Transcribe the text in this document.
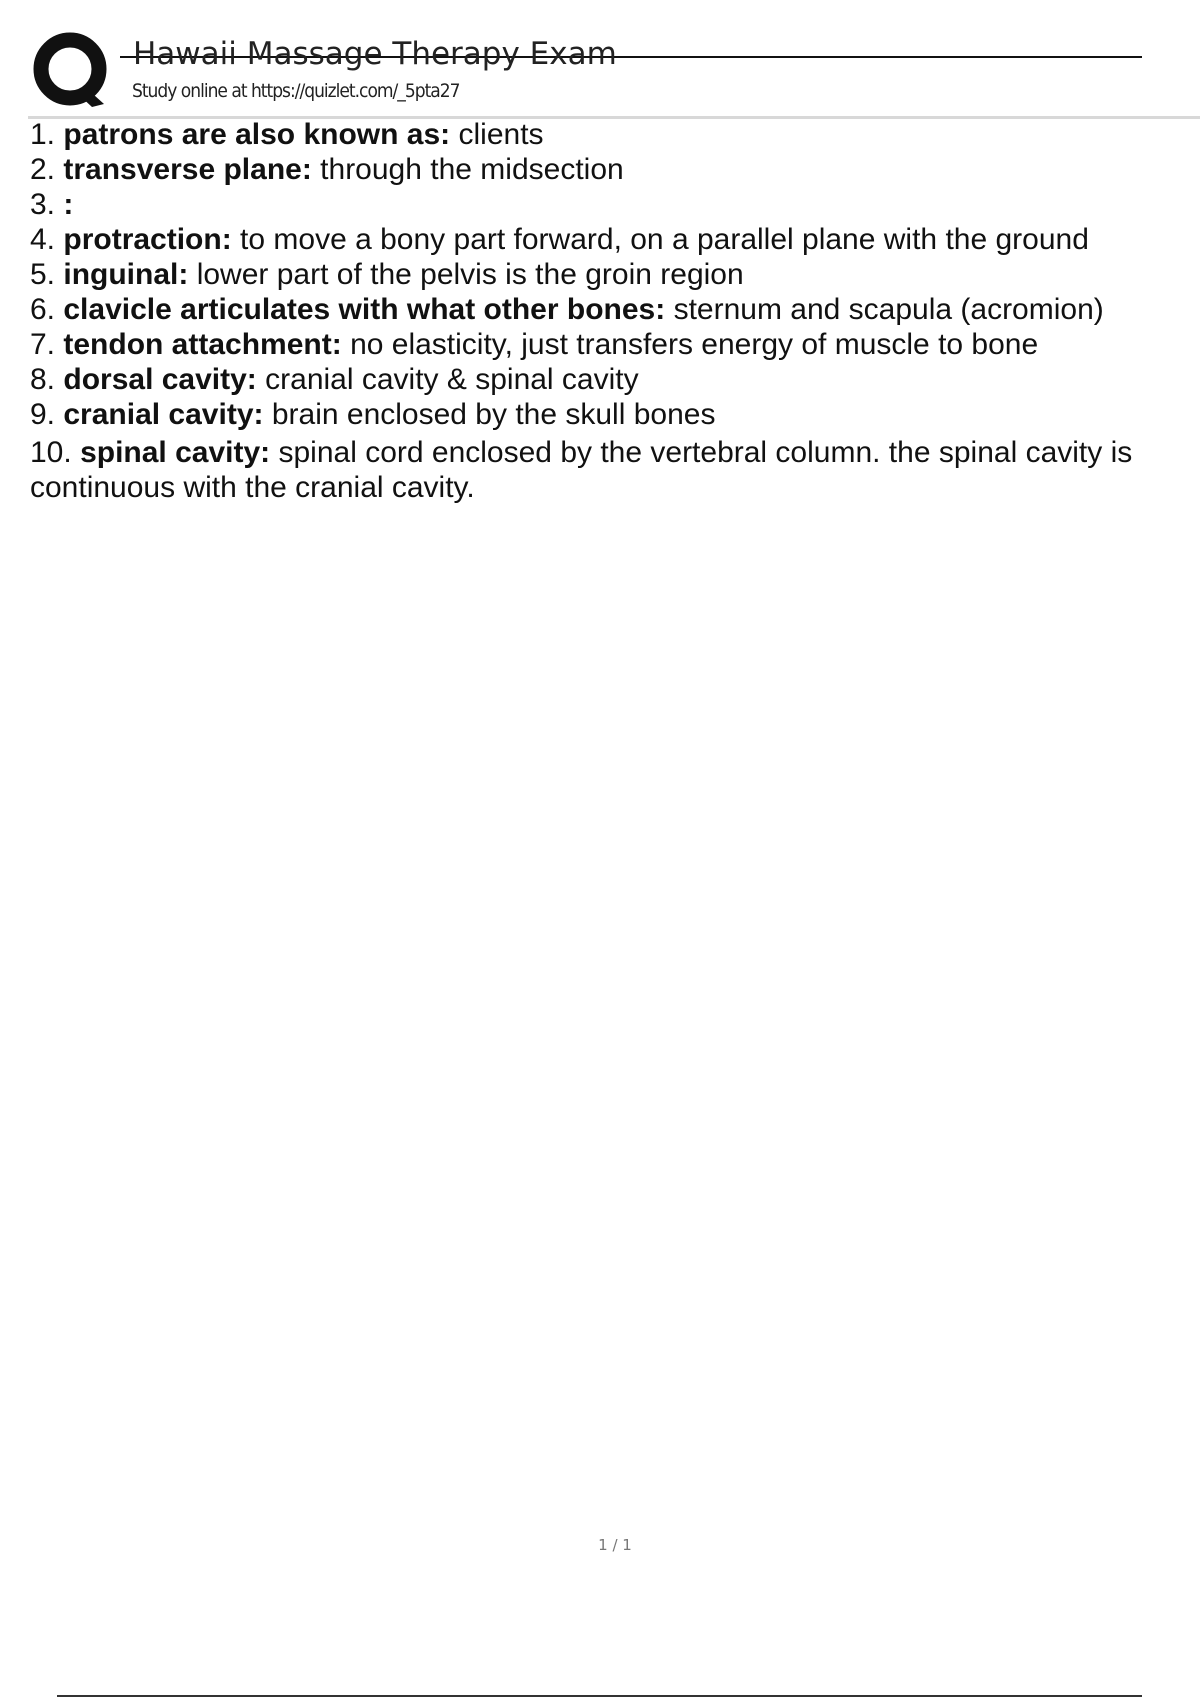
Hawaii Massage Therapy Exam
Study online at https://quizlet.com/_5pta27
1. patrons are also known as: clients
2. transverse plane: through the midsection
3. :
4. protraction: to move a bony part forward, on a parallel plane with the ground
5. inguinal: lower part of the pelvis is the groin region
6. clavicle articulates with what other bones: sternum and scapula (acromion)
7. tendon attachment: no elasticity, just transfers energy of muscle to bone
8. dorsal cavity: cranial cavity & spinal cavity
9. cranial cavity: brain enclosed by the skull bones
10. spinal cavity: spinal cord enclosed by the vertebral column. the spinal cavity is continuous with the cranial cavity.
1 / 1
